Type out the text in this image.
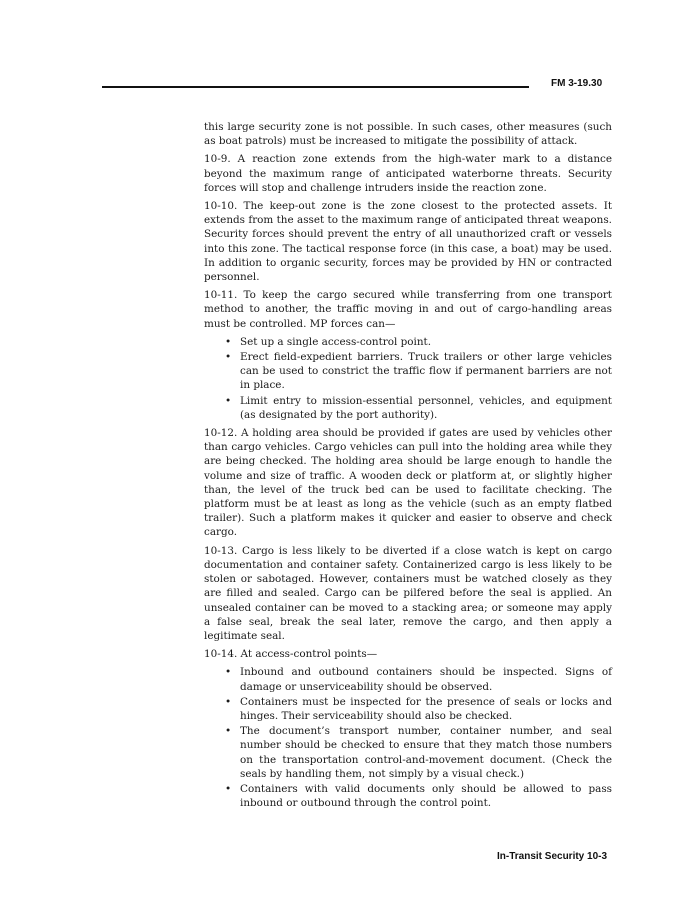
FM 3-19.30

this large security zone is not possible. In such cases, other measures (such as boat patrols) must be increased to mitigate the possibility of attack.

10-9. A reaction zone extends from the high-water mark to a distance beyond the maximum range of anticipated waterborne threats. Security forces will stop and challenge intruders inside the reaction zone.

10-10. The keep-out zone is the zone closest to the protected assets. It extends from the asset to the maximum range of anticipated threat weapons. Security forces should prevent the entry of all unauthorized craft or vessels into this zone. The tactical response force (in this case, a boat) may be used. In addition to organic security, forces may be provided by HN or contracted personnel.

10-11. To keep the cargo secured while transferring from one transport method to another, the traffic moving in and out of cargo-handling areas must be controlled. MP forces can—

• Set up a single access-control point.
• Erect field-expedient barriers. Truck trailers or other large vehicles can be used to constrict the traffic flow if permanent barriers are not in place.
• Limit entry to mission-essential personnel, vehicles, and equipment (as designated by the port authority).

10-12. A holding area should be provided if gates are used by vehicles other than cargo vehicles. Cargo vehicles can pull into the holding area while they are being checked. The holding area should be large enough to handle the volume and size of traffic. A wooden deck or platform at, or slightly higher than, the level of the truck bed can be used to facilitate checking. The platform must be at least as long as the vehicle (such as an empty flatbed trailer). Such a platform makes it quicker and easier to observe and check cargo.

10-13. Cargo is less likely to be diverted if a close watch is kept on cargo documentation and container safety. Containerized cargo is less likely to be stolen or sabotaged. However, containers must be watched closely as they are filled and sealed. Cargo can be pilfered before the seal is applied. An unsealed container can be moved to a stacking area; or someone may apply a false seal, break the seal later, remove the cargo, and then apply a legitimate seal.

10-14. At access-control points—

• Inbound and outbound containers should be inspected. Signs of damage or unserviceability should be observed.
• Containers must be inspected for the presence of seals or locks and hinges. Their serviceability should also be checked.
• The document’s transport number, container number, and seal number should be checked to ensure that they match those numbers on the transportation control-and-movement document. (Check the seals by handling them, not simply by a visual check.)
• Containers with valid documents only should be allowed to pass inbound or outbound through the control point.
In-Transit Security 10-3
